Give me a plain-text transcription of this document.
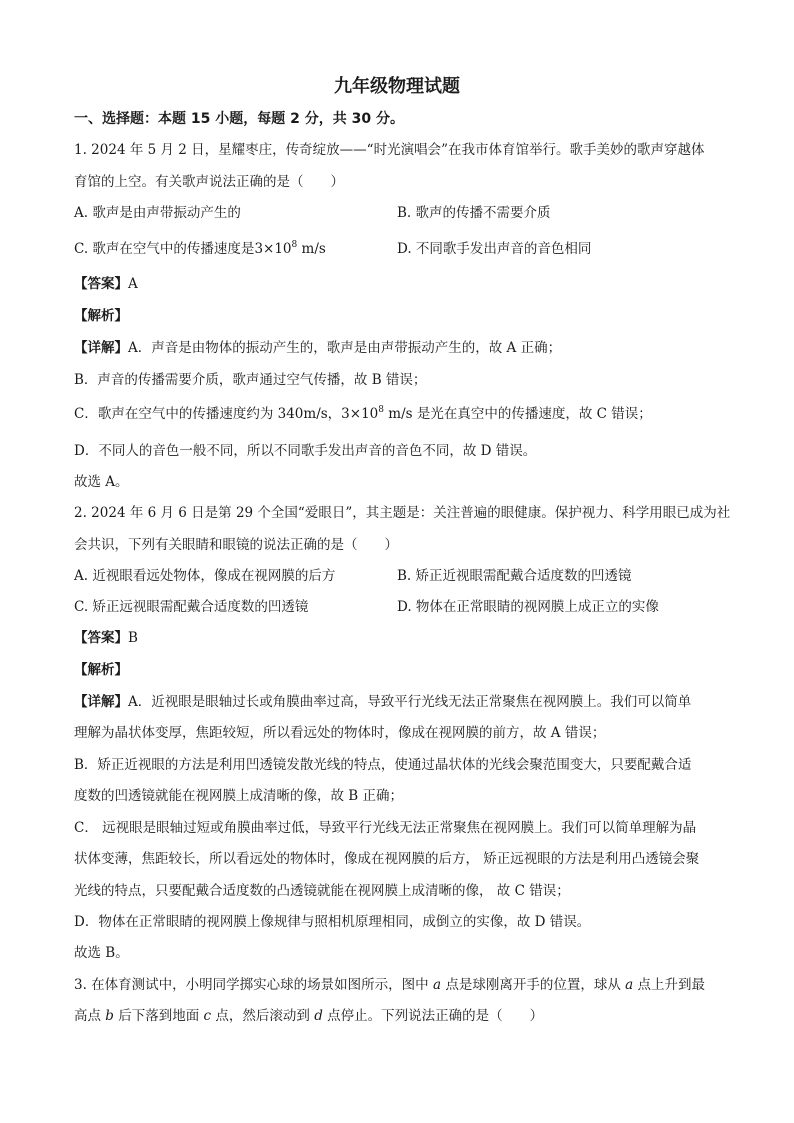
九年级物理试题
一、选择题：本题 15 小题，每题 2 分，共 30 分。
1. 2024 年 5 月 2 日，星耀枣庄，传奇绽放——“时光演唱会”在我市体育馆举行。歌手美妙的歌声穿越体
育馆的上空。有关歌声说法正确的是（　　）
A. 歌声是由声带振动产生的	B. 歌声的传播不需要介质
C. 歌声在空气中的传播速度是$3\times 10^8$ m/s	D. 不同歌手发出声音的音色相同
【答案】A
【解析】
【详解】A．声音是由物体的振动产生的，歌声是由声带振动产生的，故 A 正确；
B．声音的传播需要介质，歌声通过空气传播，故 B 错误；
C．歌声在空气中的传播速度约为 340m/s，$3\times 10^8$ m/s 是光在真空中的传播速度，故 C 错误；
D．不同人的音色一般不同，所以不同歌手发出声音的音色不同，故 D 错误。
故选 A。
2. 2024 年 6 月 6 日是第 29 个全国“爱眼日”，其主题是：关注普遍的眼健康。保护视力、科学用眼已成为社
会共识，下列有关眼睛和眼镜的说法正确的是（　　）
A. 近视眼看远处物体，像成在视网膜的后方	B. 矫正近视眼需配戴合适度数的凹透镜
C. 矫正远视眼需配戴合适度数的凹透镜	D. 物体在正常眼睛的视网膜上成正立的实像
【答案】B
【解析】
【详解】A．近视眼是眼轴过长或角膜曲率过高，导致平行光线无法正常聚焦在视网膜上。我们可以简单
理解为晶状体变厚，焦距较短，所以看远处的物体时，像成在视网膜的前方，故 A 错误；
B．矫正近视眼的方法是利用凹透镜发散光线的特点，使通过晶状体的光线会聚范围变大，只要配戴合适
度数的凹透镜就能在视网膜上成清晰的像，故 B 正确；
C． 远视眼是眼轴过短或角膜曲率过低，导致平行光线无法正常聚焦在视网膜上。我们可以简单理解为晶
状体变薄，焦距较长，所以看远处的物体时，像成在视网膜的后方， 矫正远视眼的方法是利用凸透镜会聚
光线的特点，只要配戴合适度数的凸透镜就能在视网膜上成清晰的像， 故 C 错误；
D．物体在正常眼睛的视网膜上像规律与照相机原理相同，成倒立的实像，故 D 错误。
故选 B。
3. 在体育测试中，小明同学掷实心球的场景如图所示，图中 a 点是球刚离开手的位置，球从 a 点上升到最
高点 b 后下落到地面 c 点，然后滚动到 d 点停止。下列说法正确的是（　　）
